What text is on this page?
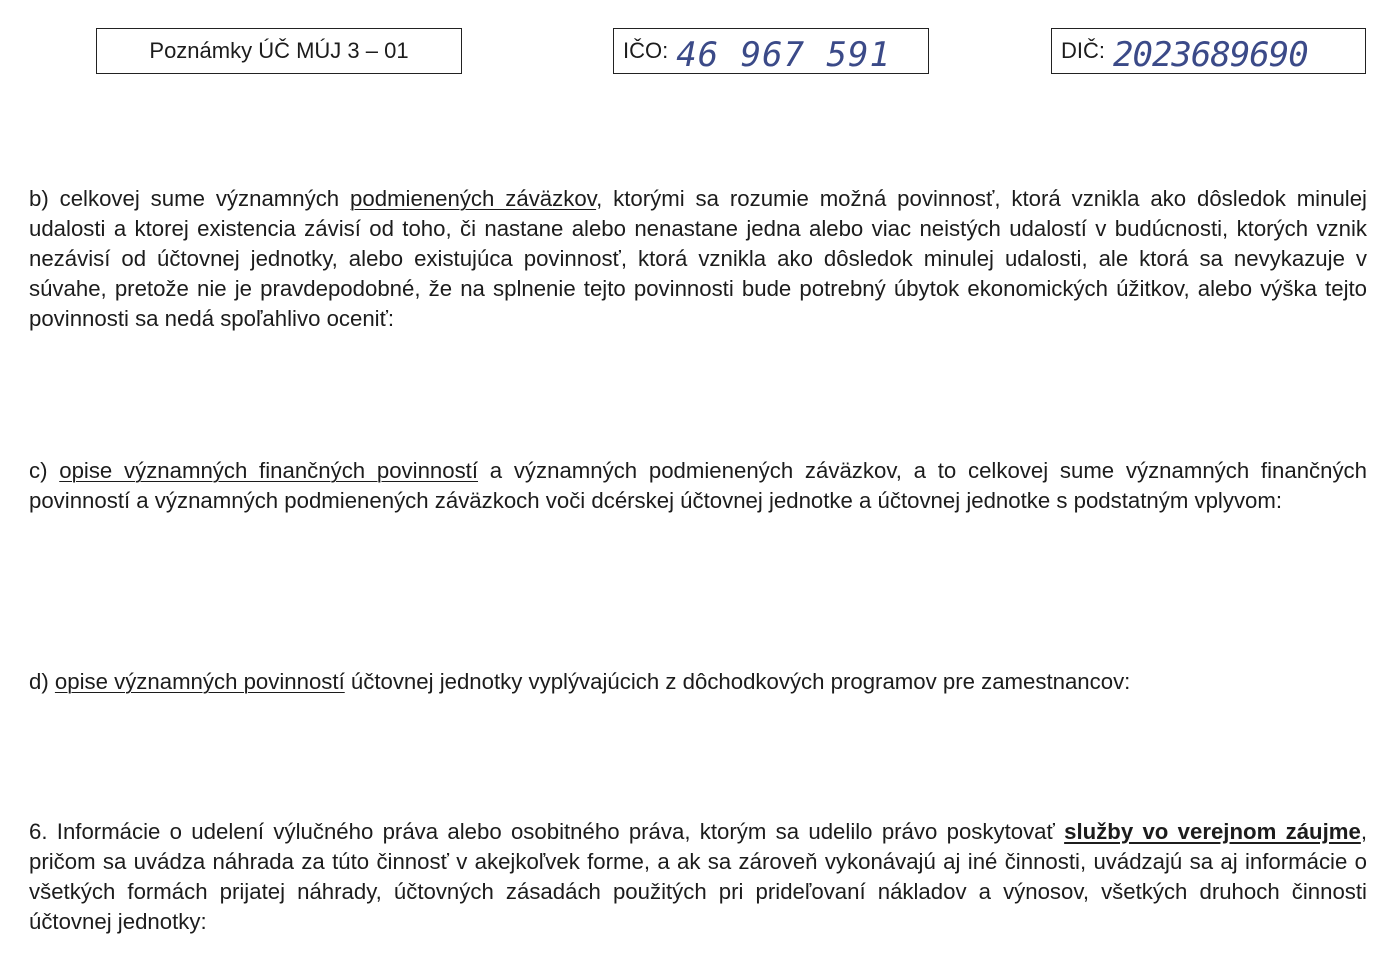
Poznámky ÚČ MÚJ 3 – 01	IČO: 46 967 591	DIČ: 2023689690

b) celkovej sume významných podmienených záväzkov, ktorými sa rozumie možná povinnosť, ktorá vznikla ako dôsledok minulej udalosti a ktorej existencia závisí od toho, či nastane alebo nenastane jedna alebo viac neistých udalostí v budúcnosti, ktorých vznik nezávisí od účtovnej jednotky, alebo existujúca povinnosť, ktorá vznikla ako dôsledok minulej udalosti, ale ktorá sa nevykazuje v súvahe, pretože nie je pravdepodobné, že na splnenie tejto povinnosti bude potrebný úbytok ekonomických úžitkov, alebo výška tejto povinnosti sa nedá spoľahlivo oceniť:

c) opise významných finančných povinností a významných podmienených záväzkov, a to celkovej sume významných finančných povinností a významných podmienených záväzkoch voči dcérskej účtovnej jednotke a účtovnej jednotke s podstatným vplyvom:

d) opise významných povinností účtovnej jednotky vyplývajúcich z dôchodkových programov pre zamestnancov:

6. Informácie o udelení výlučného práva alebo osobitného práva, ktorým sa udelilo právo poskytovať služby vo verejnom záujme, pričom sa uvádza náhrada za túto činnosť v akejkoľvek forme, a ak sa zároveň vykonávajú aj iné činnosti, uvádzajú sa aj informácie o všetkých formách prijatej náhrady, účtovných zásadách použitých pri prideľovaní nákladov a výnosov, všetkých druhoch činnosti účtovnej jednotky:
